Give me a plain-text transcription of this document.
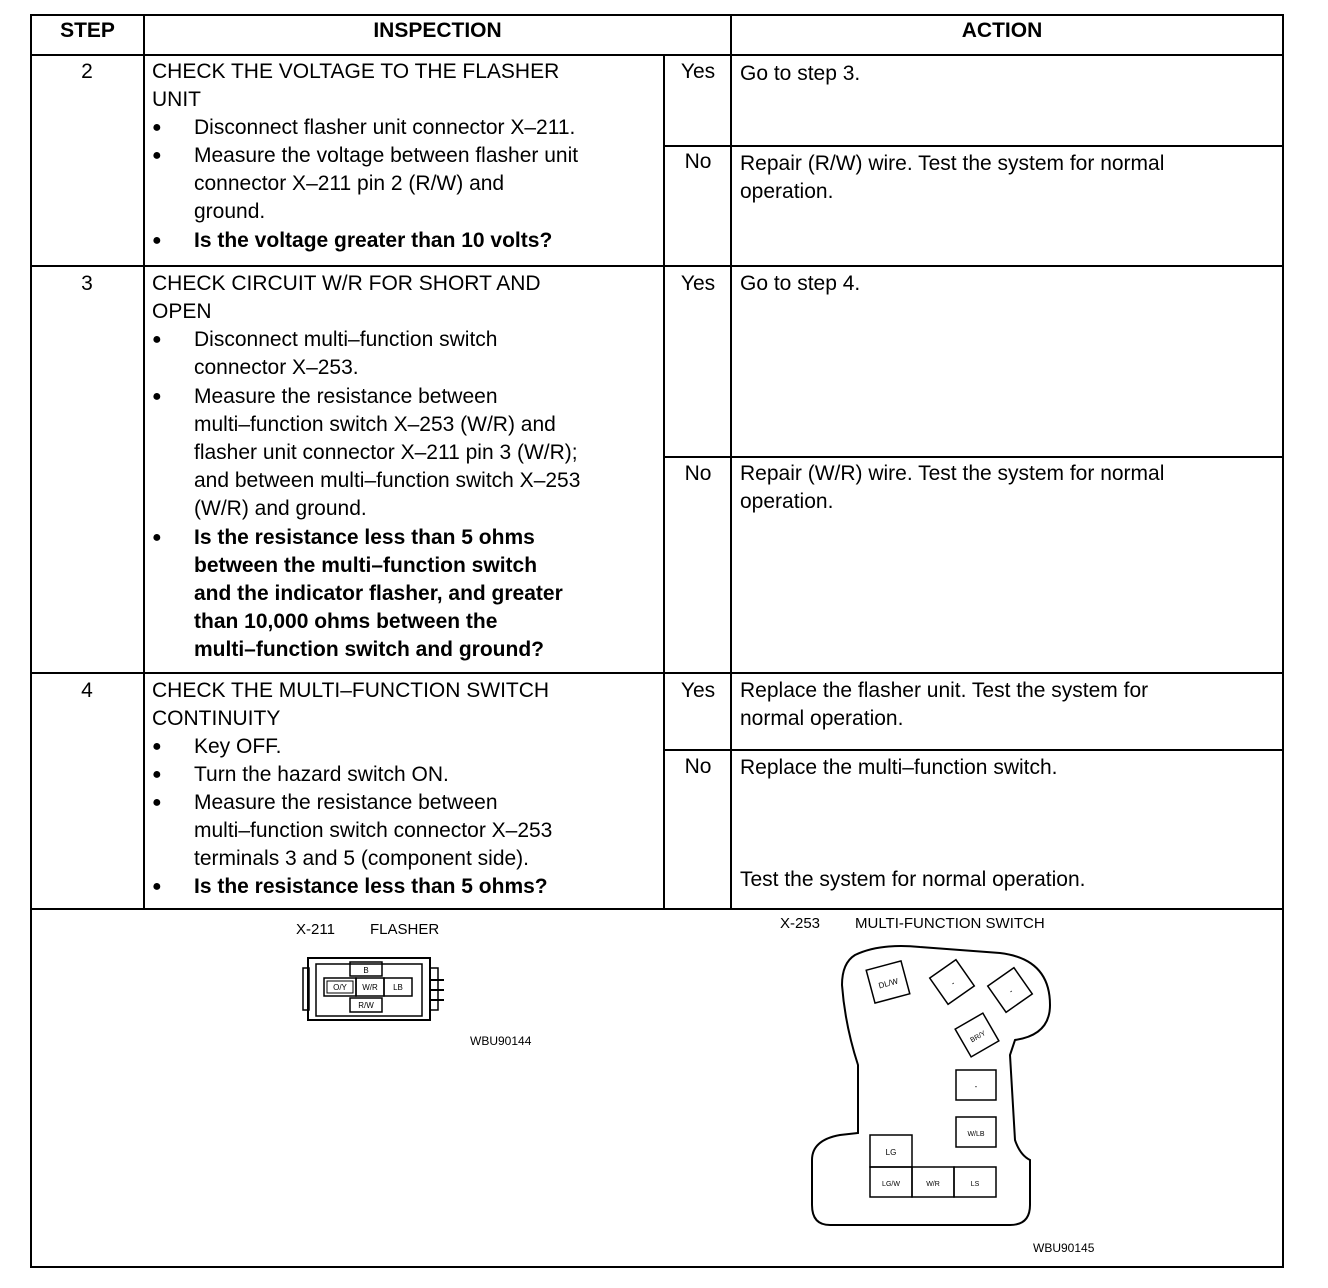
STEP	INSPECTION	ACTION
2	CHECK THE VOLTAGE TO THE FLASHER
UNIT
● Disconnect flasher unit connector X–211.
● Measure the voltage between flasher unit
connector X–211 pin 2 (R/W) and
ground.
● Is the voltage greater than 10 volts?
Yes	Go to step 3.
No	Repair (R/W) wire. Test the system for normal
operation.
3	CHECK CIRCUIT W/R FOR SHORT AND
OPEN
● Disconnect multi–function switch
connector X–253.
● Measure the resistance between
multi–function switch X–253 (W/R) and
flasher unit connector X–211 pin 3 (W/R);
and between multi–function switch X–253
(W/R) and ground.
● Is the resistance less than 5 ohms
between the multi–function switch
and the indicator flasher, and greater
than 10,000 ohms between the
multi–function switch and ground?
Yes	Go to step 4.
No	Repair (W/R) wire. Test the system for normal
operation.
4	CHECK THE MULTI–FUNCTION SWITCH
CONTINUITY
● Key OFF.
● Turn the hazard switch ON.
● Measure the resistance between
multi–function switch connector X–253
terminals 3 and 5 (component side).
● Is the resistance less than 5 ohms?
Yes	Replace the flasher unit. Test the system for
normal operation.
No	Replace the multi–function switch.
Test the system for normal operation.
X-211 FLASHER
B
O/Y W/R LB
R/W
WBU90144
X-253 MULTI-FUNCTION SWITCH
DL/W	-
-
BR/Y
-
W/LB
LG
LG/W	W/R	LS
WBU90145
